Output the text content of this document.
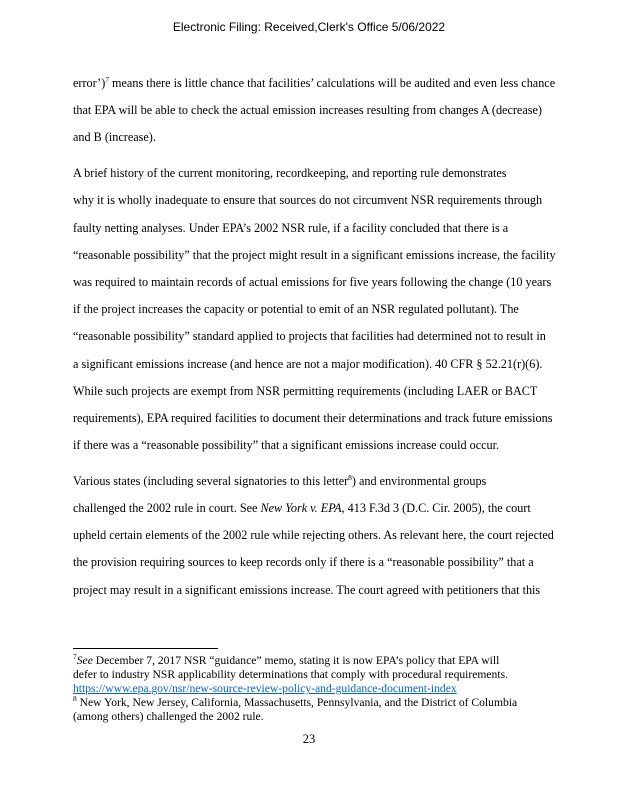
Electronic Filing: Received,Clerk's Office 5/06/2022

error’)$^7$ means there is little chance that facilities’ calculations will be audited and even less chance
that EPA will be able to check the actual emission increases resulting from changes A (decrease)
and B (increase).

A brief history of the current monitoring, recordkeeping, and reporting rule demonstrates
why it is wholly inadequate to ensure that sources do not circumvent NSR requirements through
faulty netting analyses. Under EPA’s 2002 NSR rule, if a facility concluded that there is a
“reasonable possibility” that the project might result in a significant emissions increase, the facility
was required to maintain records of actual emissions for five years following the change (10 years
if the project increases the capacity or potential to emit of an NSR regulated pollutant). The
“reasonable possibility” standard applied to projects that facilities had determined not to result in
a significant emissions increase (and hence are not a major modification). 40 CFR § 52.21(r)(6).
While such projects are exempt from NSR permitting requirements (including LAER or BACT
requirements), EPA required facilities to document their determinations and track future emissions
if there was a “reasonable possibility” that a significant emissions increase could occur.

Various states (including several signatories to this letter$^8$) and environmental groups
challenged the 2002 rule in court. See New York v. EPA, 413 F.3d 3 (D.C. Cir. 2005), the court
upheld certain elements of the 2002 rule while rejecting others. As relevant here, the court rejected
the provision requiring sources to keep records only if there is a “reasonable possibility” that a
project may result in a significant emissions increase. The court agreed with petitioners that this

$^7$See December 7, 2017 NSR “guidance” memo, stating it is now EPA’s policy that EPA will
defer to industry NSR applicability determinations that comply with procedural requirements.
https://www.epa.gov/nsr/new-source-review-policy-and-guidance-document-index

$^8$ New York, New Jersey, California, Massachusetts, Pennsylvania, and the District of Columbia
(among others) challenged the 2002 rule.

23
